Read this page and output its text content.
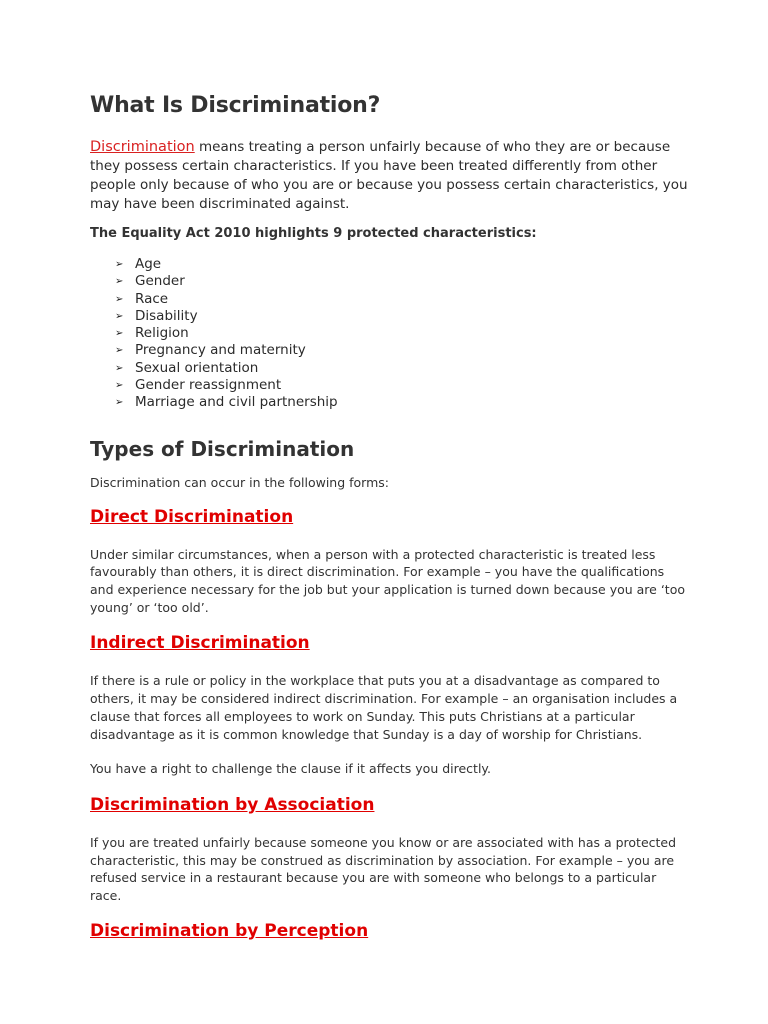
What Is Discrimination?

Discrimination means treating a person unfairly because of who they are or because they possess certain characteristics. If you have been treated differently from other people only because of who you are or because you possess certain characteristics, you may have been discriminated against.

The Equality Act 2010 highlights 9 protected characteristics:

➢ Age
➢ Gender
➢ Race
➢ Disability
➢ Religion
➢ Pregnancy and maternity
➢ Sexual orientation
➢ Gender reassignment
➢ Marriage and civil partnership
Types of Discrimination

Discrimination can occur in the following forms:

Direct Discrimination

Under similar circumstances, when a person with a protected characteristic is treated less favourably than others, it is direct discrimination. For example – you have the qualifications and experience necessary for the job but your application is turned down because you are ‘too young’ or ‘too old’.

Indirect Discrimination

If there is a rule or policy in the workplace that puts you at a disadvantage as compared to others, it may be considered indirect discrimination. For example – an organisation includes a clause that forces all employees to work on Sunday. This puts Christians at a particular disadvantage as it is common knowledge that Sunday is a day of worship for Christians.

You have a right to challenge the clause if it affects you directly.

Discrimination by Association

If you are treated unfairly because someone you know or are associated with has a protected characteristic, this may be construed as discrimination by association. For example – you are refused service in a restaurant because you are with someone who belongs to a particular race.

Discrimination by Perception
